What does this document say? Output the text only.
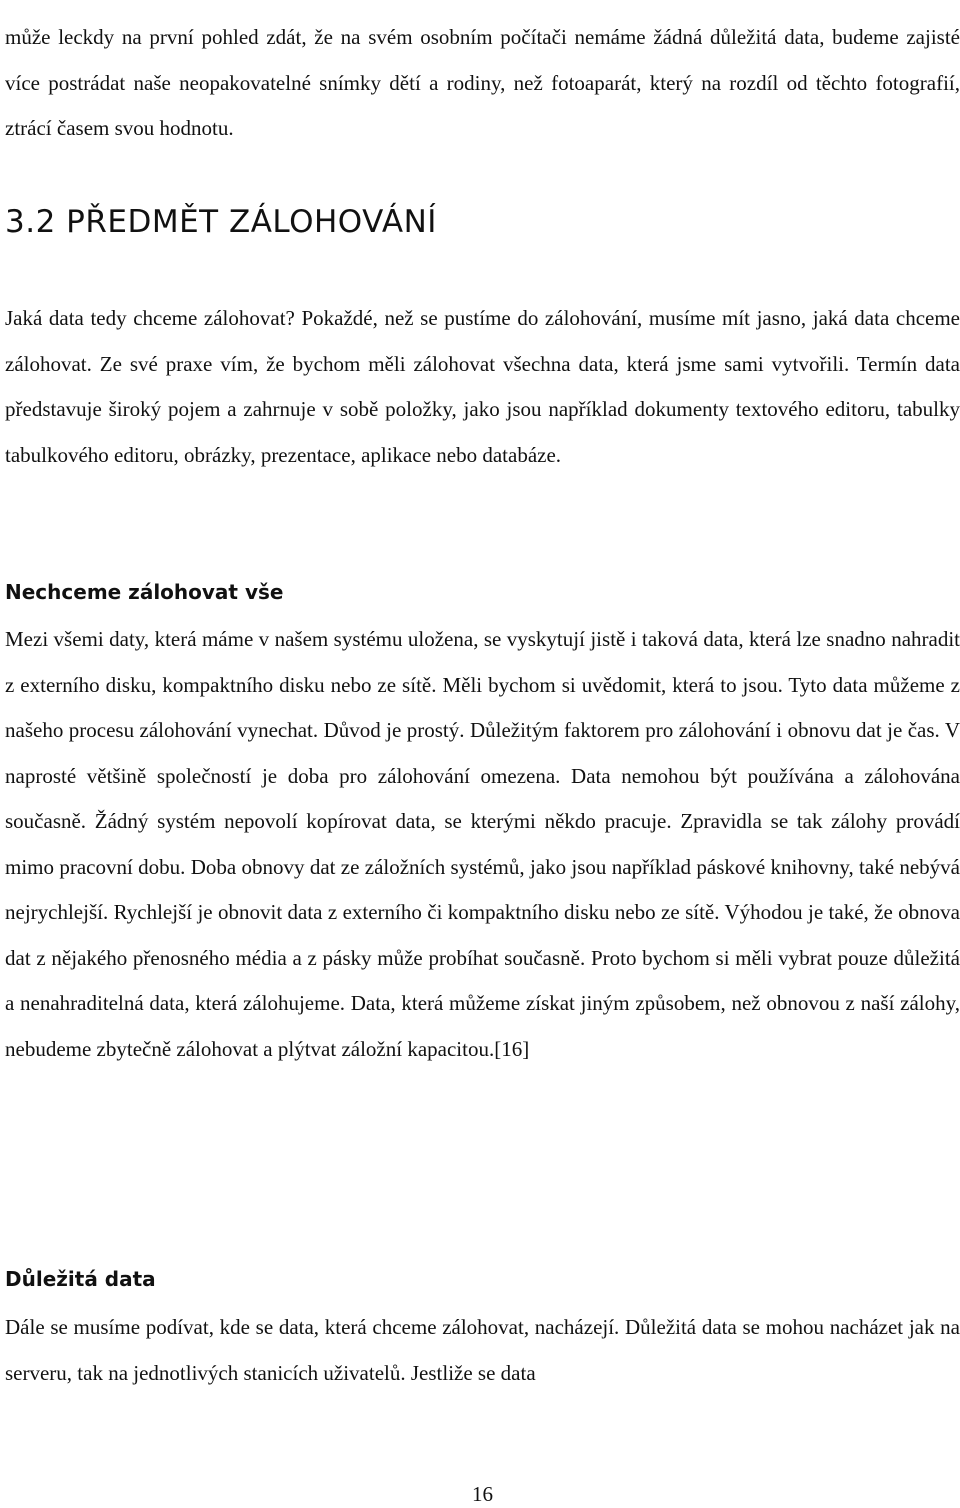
může leckdy na první pohled zdát, že na svém osobním počítači nemáme žádná důležitá data, budeme zajisté více postrádat naše neopakovatelné snímky dětí a rodiny, než fotoaparát, který na rozdíl od těchto fotografií, ztrácí časem svou hodnotu.

3.2 PŘEDMĚT ZÁLOHOVÁNÍ

Jaká data tedy chceme zálohovat? Pokaždé, než se pustíme do zálohování, musíme mít jasno, jaká data chceme zálohovat. Ze své praxe vím, že bychom měli zálohovat všechna data, která jsme sami vytvořili. Termín data představuje široký pojem a zahrnuje v sobě položky, jako jsou například dokumenty textového editoru, tabulky tabulkového editoru, obrázky, prezentace, aplikace nebo databáze.

Nechceme zálohovat vše

Mezi všemi daty, která máme v našem systému uložena, se vyskytují jistě i taková data, která lze snadno nahradit z externího disku, kompaktního disku nebo ze sítě. Měli bychom si uvědomit, která to jsou. Tyto data můžeme z našeho procesu zálohování vynechat. Důvod je prostý. Důležitým faktorem pro zálohování i obnovu dat je čas. V naprosté většině společností je doba pro zálohování omezena. Data nemohou být používána a zálohována současně. Žádný systém nepovolí kopírovat data, se kterými někdo pracuje. Zpravidla se tak zálohy provádí mimo pracovní dobu. Doba obnovy dat ze záložních systémů, jako jsou například páskové knihovny, také nebývá nejrychlejší. Rychlejší je obnovit data z externího či kompaktního disku nebo ze sítě. Výhodou je také, že obnova dat z nějakého přenosného média a z pásky může probíhat současně. Proto bychom si měli vybrat pouze důležitá a nenahraditelná data, která zálohujeme. Data, která můžeme získat jiným způsobem, než obnovou z naší zálohy, nebudeme zbytečně zálohovat a plýtvat záložní kapacitou.[16]

Důležitá data

Dále se musíme podívat, kde se data, která chceme zálohovat, nacházejí. Důležitá data se mohou nacházet jak na serveru, tak na jednotlivých stanicích uživatelů. Jestliže se data

16
